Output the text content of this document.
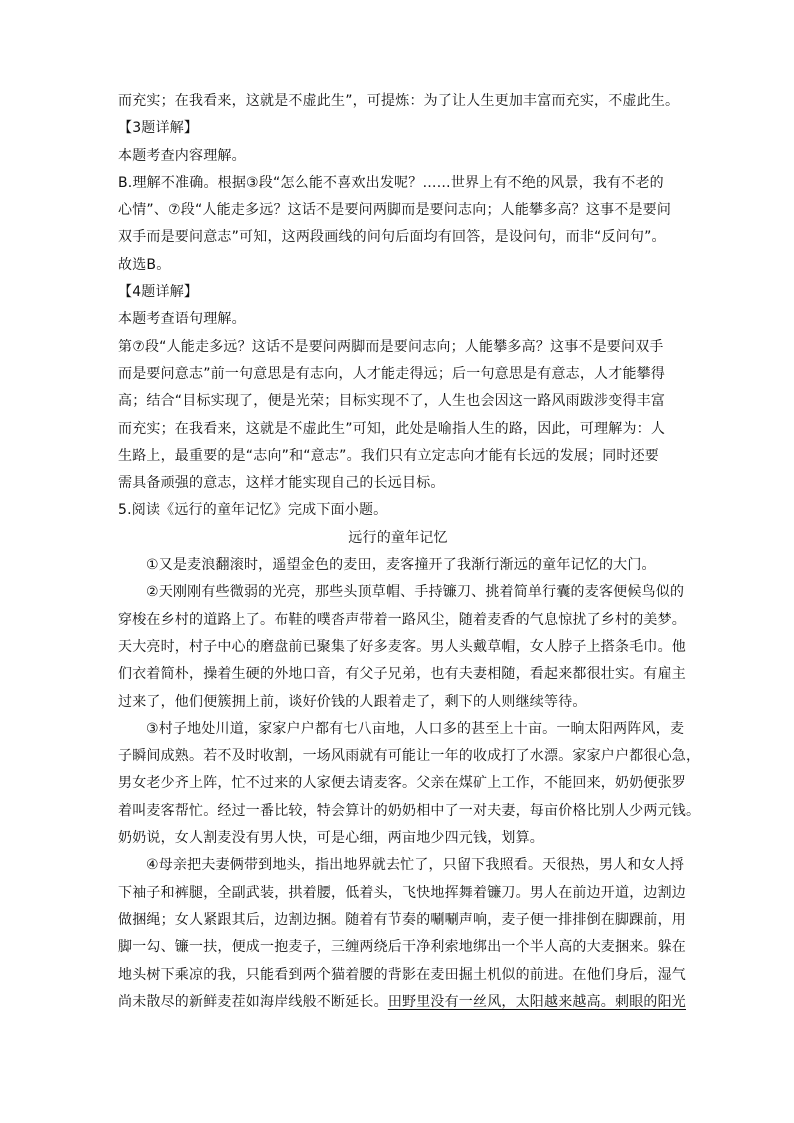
而充实；在我看来，这就是不虚此生”，可提炼：为了让人生更加丰富而充实，不虚此生。
【3题详解】
本题考查内容理解。
B.理解不准确。根据③段“怎么能不喜欢出发呢？……世界上有不绝的风景，我有不老的
心情”、⑦段“人能走多远？这话不是要问两脚而是要问志向；人能攀多高？这事不是要问
双手而是要问意志”可知，这两段画线的问句后面均有回答，是设问句，而非“反问句”。
故选B。
【4题详解】
本题考查语句理解。
第⑦段“人能走多远？这话不是要问两脚而是要问志向；人能攀多高？这事不是要问双手
而是要问意志”前一句意思是有志向，人才能走得远；后一句意思是有意志，人才能攀得
高；结合“目标实现了，便是光荣；目标实现不了，人生也会因这一路风雨跋涉变得丰富
而充实；在我看来，这就是不虚此生”可知，此处是喻指人生的路，因此，可理解为：人
生路上，最重要的是“志向”和“意志”。我们只有立定志向才能有长远的发展；同时还要
需具备顽强的意志，这样才能实现自己的长远目标。
5.阅读《远行的童年记忆》完成下面小题。
远行的童年记忆
①又是麦浪翻滚时，遥望金色的麦田，麦客撞开了我渐行渐远的童年记忆的大门。
②天刚刚有些微弱的光亮，那些头顶草帽、手持镰刀、挑着简单行囊的麦客便候鸟似的
穿梭在乡村的道路上了。布鞋的噗沓声带着一路风尘，随着麦香的气息惊扰了乡村的美梦。
天大亮时，村子中心的磨盘前已聚集了好多麦客。男人头戴草帽，女人脖子上搭条毛巾。他
们衣着简朴，操着生硬的外地口音，有父子兄弟，也有夫妻相随，看起来都很壮实。有雇主
过来了，他们便簇拥上前，谈好价钱的人跟着走了，剩下的人则继续等待。
③村子地处川道，家家户户都有七八亩地，人口多的甚至上十亩。一晌太阳两阵风，麦
子瞬间成熟。若不及时收割，一场风雨就有可能让一年的收成打了水漂。家家户户都很心急，
男女老少齐上阵，忙不过来的人家便去请麦客。父亲在煤矿上工作，不能回来，奶奶便张罗
着叫麦客帮忙。经过一番比较，特会算计的奶奶相中了一对夫妻，每亩价格比别人少两元钱。
奶奶说，女人割麦没有男人快，可是心细，两亩地少四元钱，划算。
④母亲把夫妻俩带到地头，指出地界就去忙了，只留下我照看。天很热，男人和女人捋
下袖子和裤腿，全副武装，拱着腰，低着头，飞快地挥舞着镰刀。男人在前边开道，边割边
做捆绳；女人紧跟其后，边割边捆。随着有节奏的唰唰声响，麦子便一排排倒在脚踝前，用
脚一勾、镰一扶，便成一抱麦子，三缠两绕后干净利索地绑出一个半人高的大麦捆来。躲在
地头树下乘凉的我，只能看到两个猫着腰的背影在麦田掘土机似的前进。在他们身后，湿气
尚未散尽的新鲜麦茬如海岸线般不断延长。田野里没有一丝风，太阳越来越高。刺眼的阳光
